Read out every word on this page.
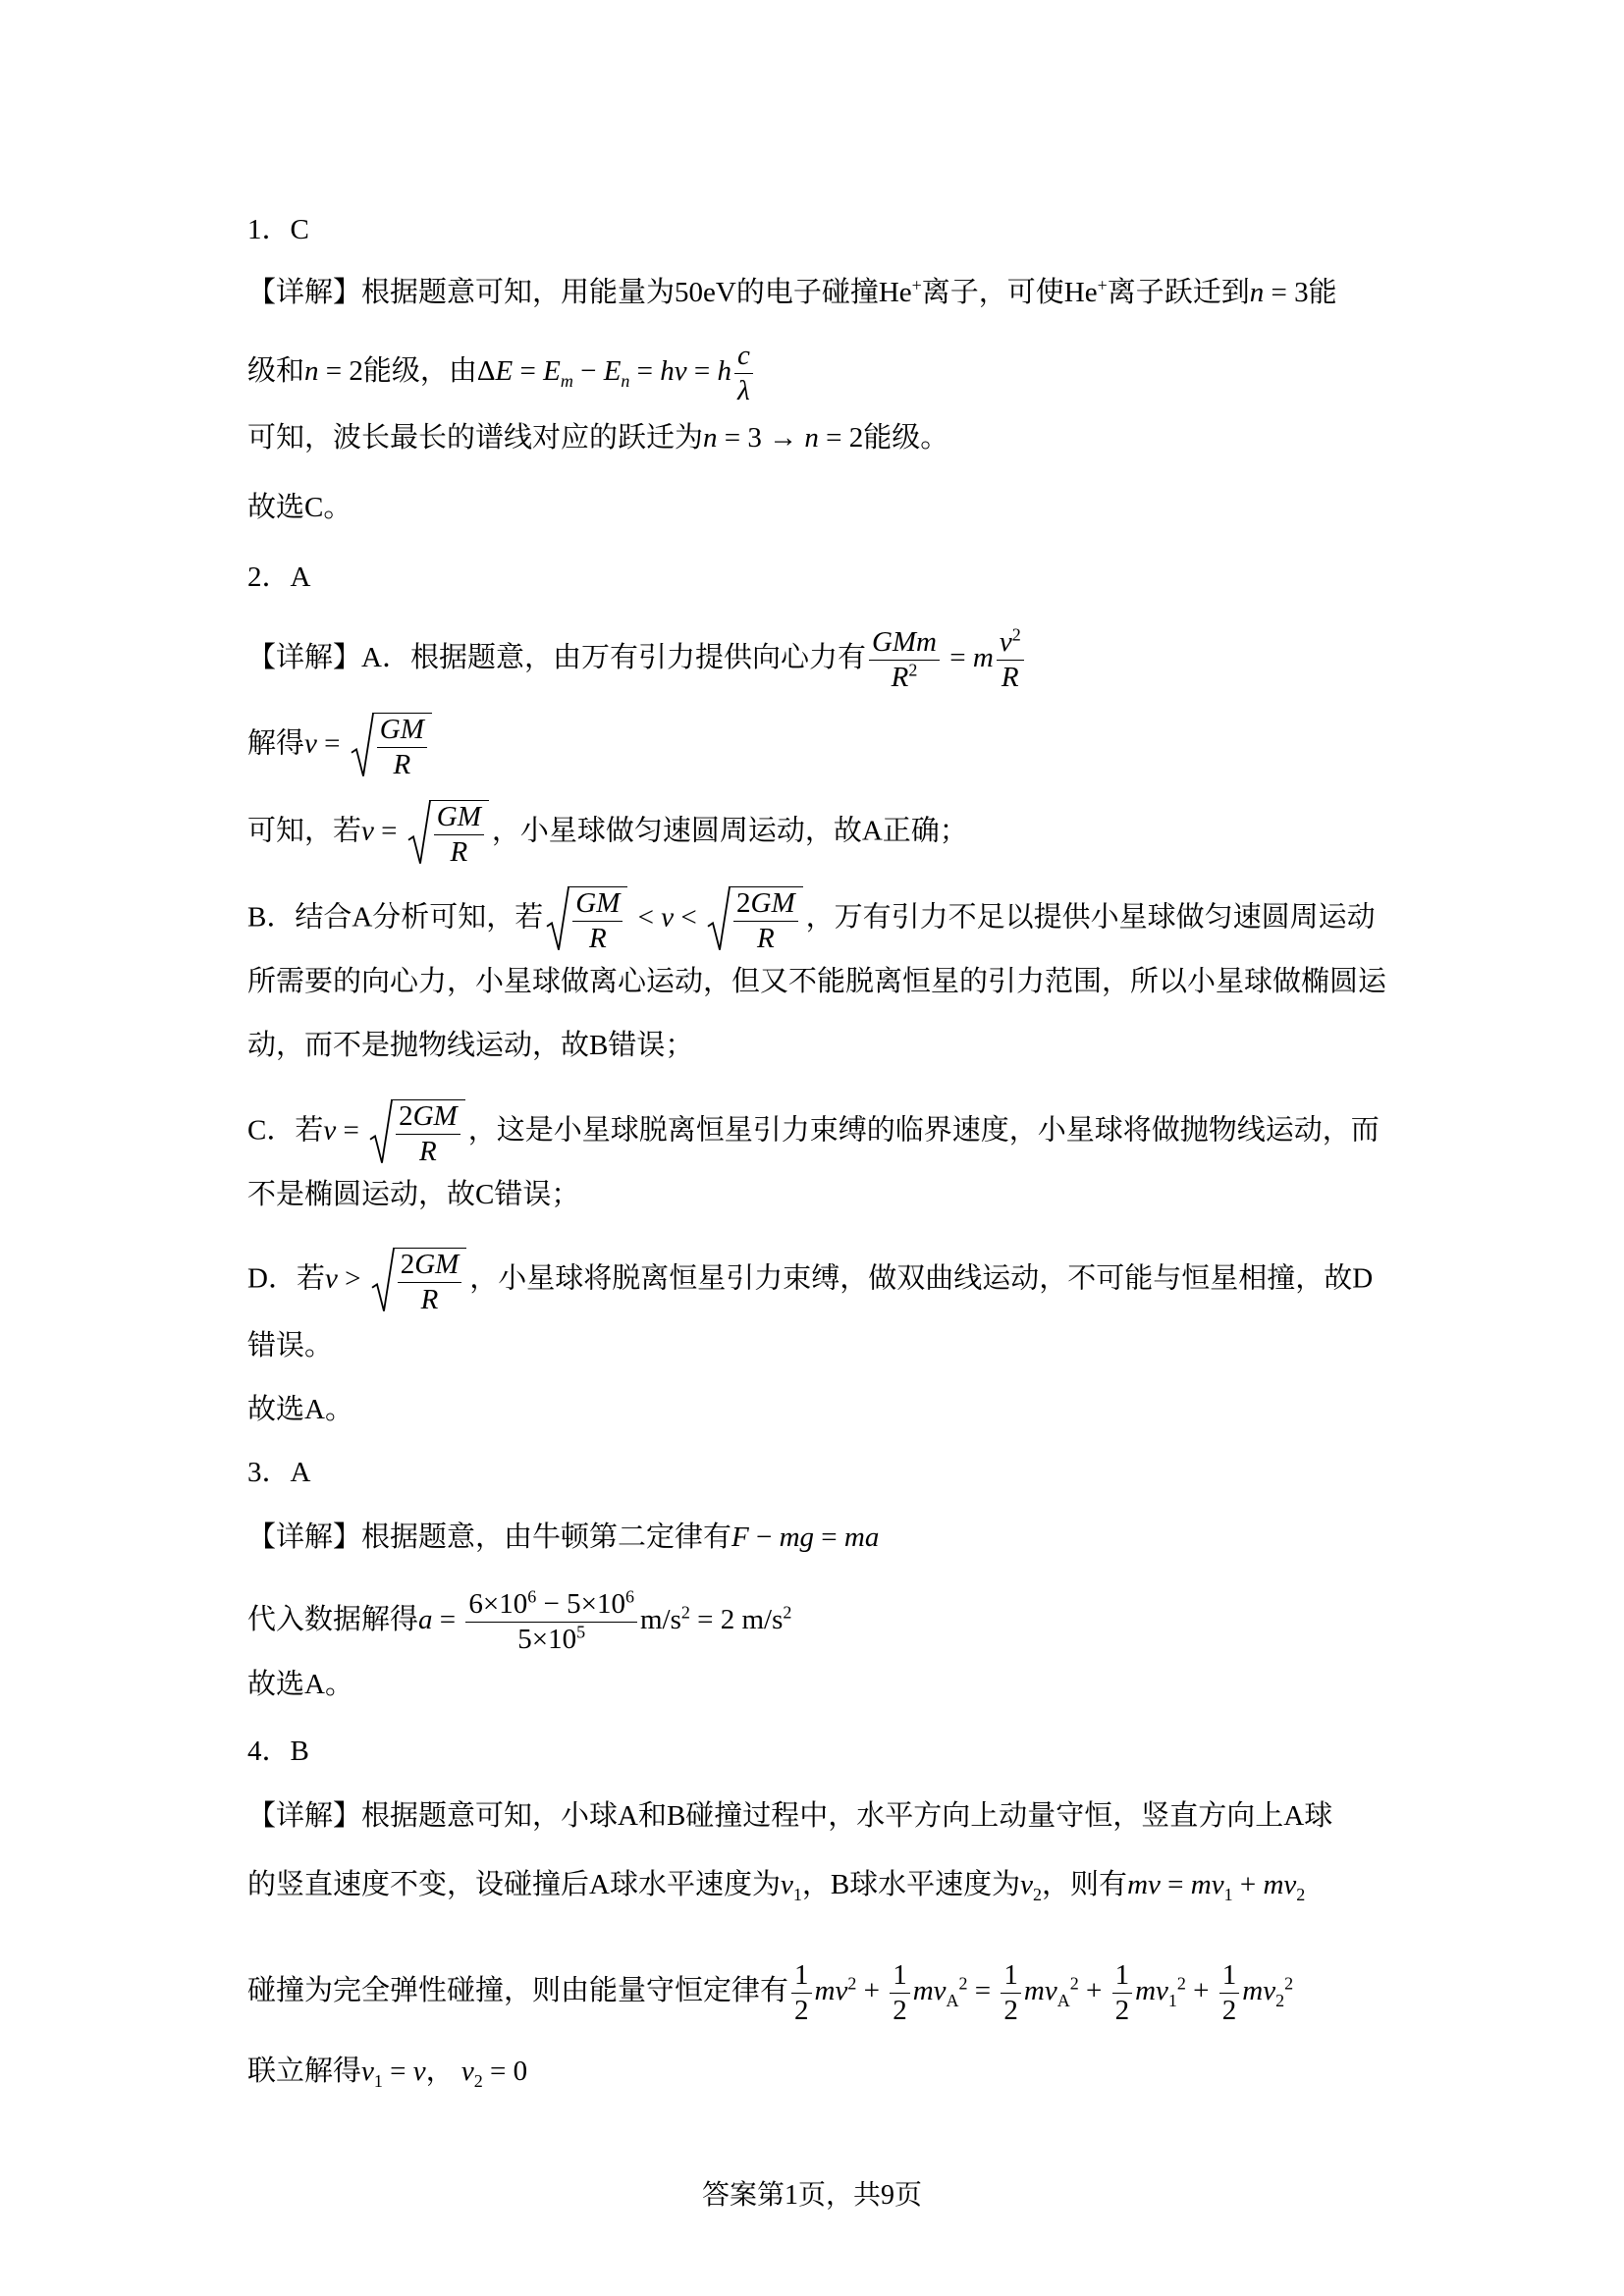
1．C
【详解】根据题意可知，用能量为50eV的电子碰撞He+离子，可使He+离子跃迁到n = 3能
级和n = 2能级，由$\Delta E = E_m - E_n = h\nu = h \frac{c}{\lambda}$
可知，波长最长的谱线对应的跃迁为n = 3 → n = 2能级。
故选C。
2．A
【详解】A．根据题意，由万有引力提供向心力有 $\frac{\text{GMm}}{R^2} = m \frac{v^2}{R}$
解得$v = \frac{GM}{R}$
可知，若$v = \frac{GM}{R}$ ，小星球做匀速圆周运动，故A正确；
B．结合A分析可知，若 $\frac{GM}{R} < v < \frac{2GM}{R}$ ，万有引力不足以提供小星球做匀速圆周运动
所需要的向心力，小星球做离心运动，但又不能脱离恒星的引力范围，所以小星球做椭圆运
动，而不是抛物线运动，故B错误；
C．若$v = \frac{2GM}{R}$ ，这是小星球脱离恒星引力束缚的临界速度，小星球将做抛物线运动，而
不是椭圆运动，故C错误；
D．若$v > \frac{2GM}{R}$ ，小星球将脱离恒星引力束缚，做双曲线运动，不可能与恒星相撞，故D
错误。
故选A。
3．A
【详解】根据题意，由牛顿第二定律有F − mg = ma
代入数据解得$a = \frac{6\times 10^6 - 5\times 10^6}{5\times 10^5} m/s^2 = 2$ $m/s^2$
故选A。
4．B
【详解】根据题意可知，小球A和B碰撞过程中，水平方向上动量守恒，竖直方向上A球
的竖直速度不变，设碰撞后A球水平速度为$v_1$，B球水平速度为$v_2$，则有mv = $mv_1 + mv_2$
碰撞为完全弹性碰撞，则由能量守恒定律有 $\frac{1}{2} mv^2 + \frac{1}{2} mv_A^2 = \frac{1}{2} mv_A^2 + \frac{1}{2} mv_1^2 + \frac{1}{2} mv_2^2$
联立解得$v_1 = v$， $v_2 = 0$
答案第1页，共9页
